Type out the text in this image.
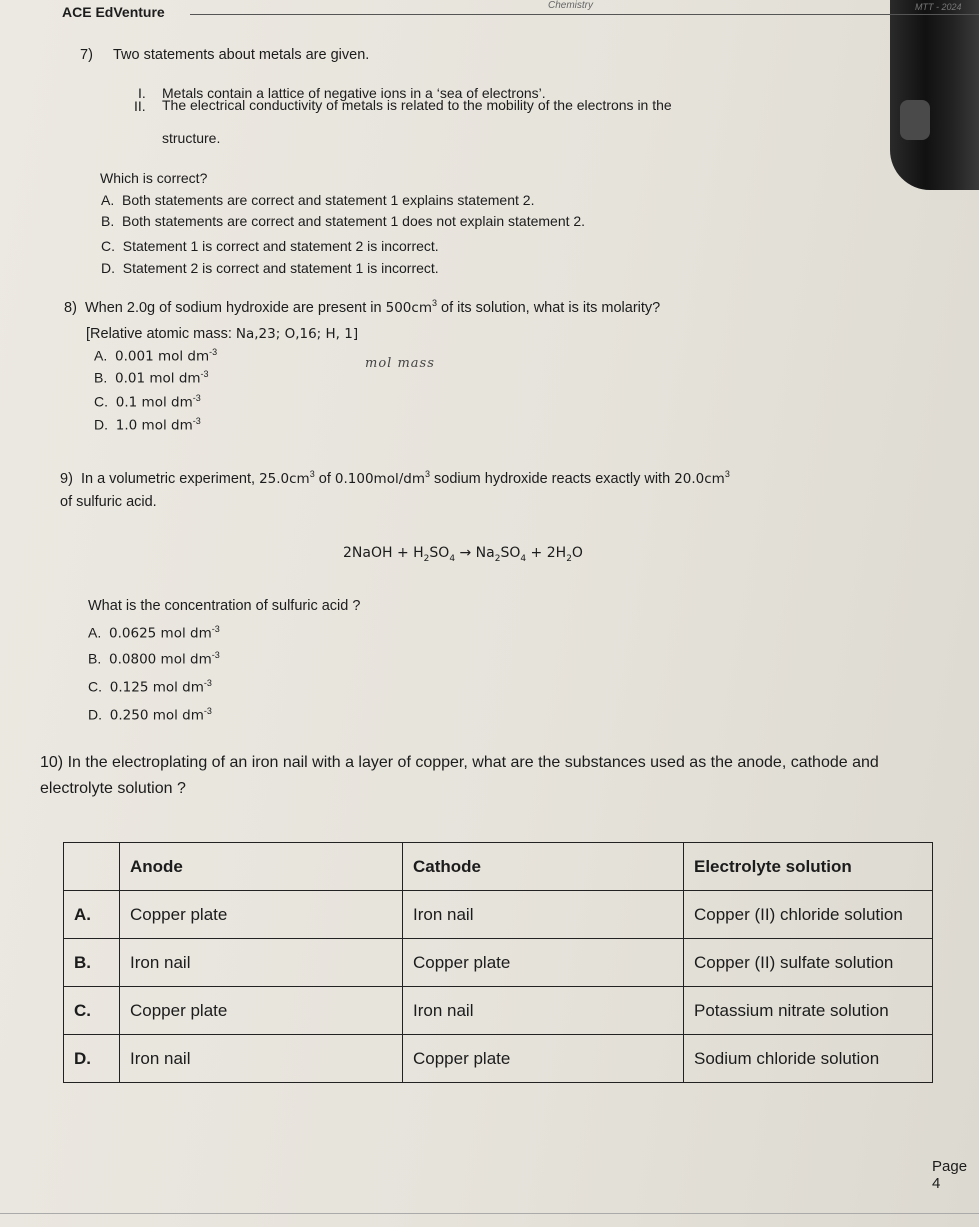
ACE EdVenture	Chemistry	MTT - 2024
7) Two statements about metals are given.
I. Metals contain a lattice of negative ions in a ‘sea of electrons’.
II. The electrical conductivity of metals is related to the mobility of the electrons in the
structure.
Which is correct?
A. Both statements are correct and statement 1 explains statement 2.
B. Both statements are correct and statement 1 does not explain statement 2.
C. Statement 1 is correct and statement 2 is incorrect.
D. Statement 2 is correct and statement 1 is incorrect.
8) When 2.0g of sodium hydroxide are present in $500cm^3$ of its solution, what is its molarity?
[Relative atomic mass: Na,23; O,16; H, 1]
mol mass
A. 0.001 mol $dm^{-3}$
B. 0.01 mol $dm^{-3}$
C. 0.1 mol $dm^{-3}$
D. 1.0 mol $dm^{-3}$
9) In a volumetric experiment, $25.0cm^3$ of $0.100mol/dm^3$ sodium hydroxide reacts exactly with $20.0cm^3$
of sulfuric acid.
2NaOH + $H_2SO_4 \to Na_2SO_4 + 2H_2O$
What is the concentration of sulfuric acid ?
A. 0.0625 mol $dm^{-3}$
B. 0.0800 mol $dm^{-3}$
C. 0.125 mol $dm^{-3}$
D. 0.250 mol $dm^{-3}$
10) In the electroplating of an iron nail with a layer of copper, what are the substances used as the anode, cathode and electrolyte solution ?
	Anode	Cathode	Electrolyte solution
A.	Copper plate	Iron nail	Copper (II) chloride solution
B.	Iron nail	Copper plate	Copper (II) sulfate solution
C.	Copper plate	Iron nail	Potassium nitrate solution
D.	Iron nail	Copper plate	Sodium chloride solution
Page 4
